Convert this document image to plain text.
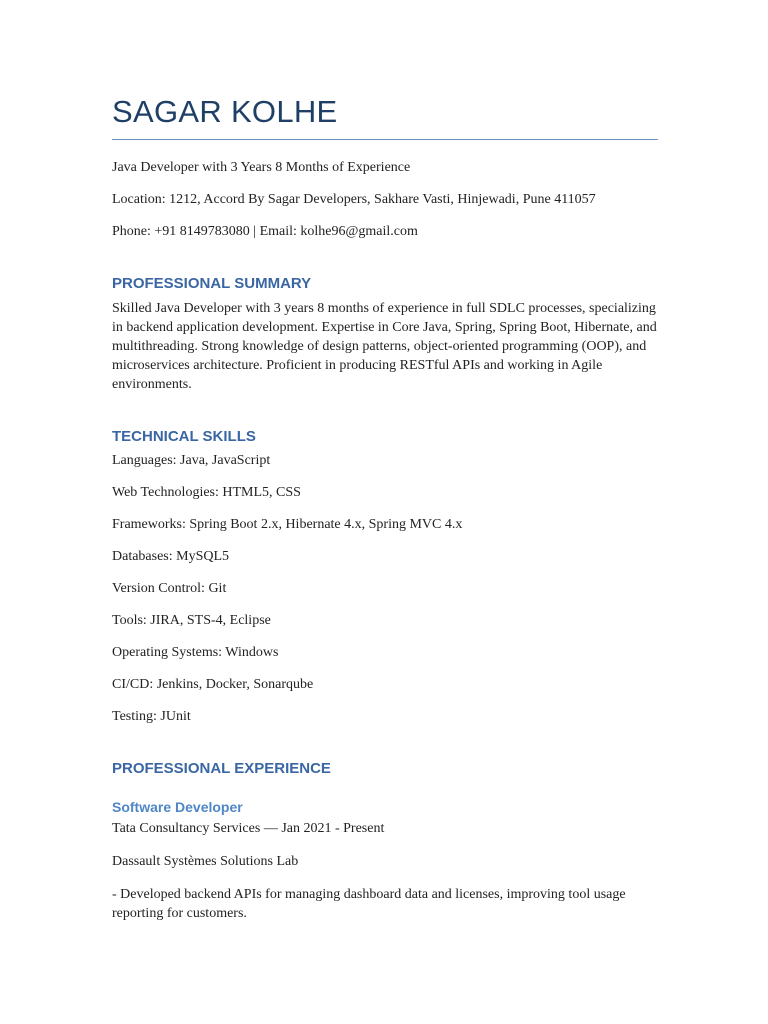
SAGAR KOLHE
Java Developer with 3 Years 8 Months of Experience
Location: 1212, Accord By Sagar Developers, Sakhare Vasti, Hinjewadi, Pune 411057
Phone: +91 8149783080 | Email: kolhe96@gmail.com
PROFESSIONAL SUMMARY
Skilled Java Developer with 3 years 8 months of experience in full SDLC processes, specializing in backend application development. Expertise in Core Java, Spring, Spring Boot, Hibernate, and multithreading. Strong knowledge of design patterns, object-oriented programming (OOP), and microservices architecture. Proficient in producing RESTful APIs and working in Agile environments.
TECHNICAL SKILLS
Languages: Java, JavaScript
Web Technologies: HTML5, CSS
Frameworks: Spring Boot 2.x, Hibernate 4.x, Spring MVC 4.x
Databases: MySQL5
Version Control: Git
Tools: JIRA, STS-4, Eclipse
Operating Systems: Windows
CI/CD: Jenkins, Docker, Sonarqube
Testing: JUnit
PROFESSIONAL EXPERIENCE
Software Developer
Tata Consultancy Services — Jan 2021 - Present
Dassault Systèmes Solutions Lab
- Developed backend APIs for managing dashboard data and licenses, improving tool usage reporting for customers.
